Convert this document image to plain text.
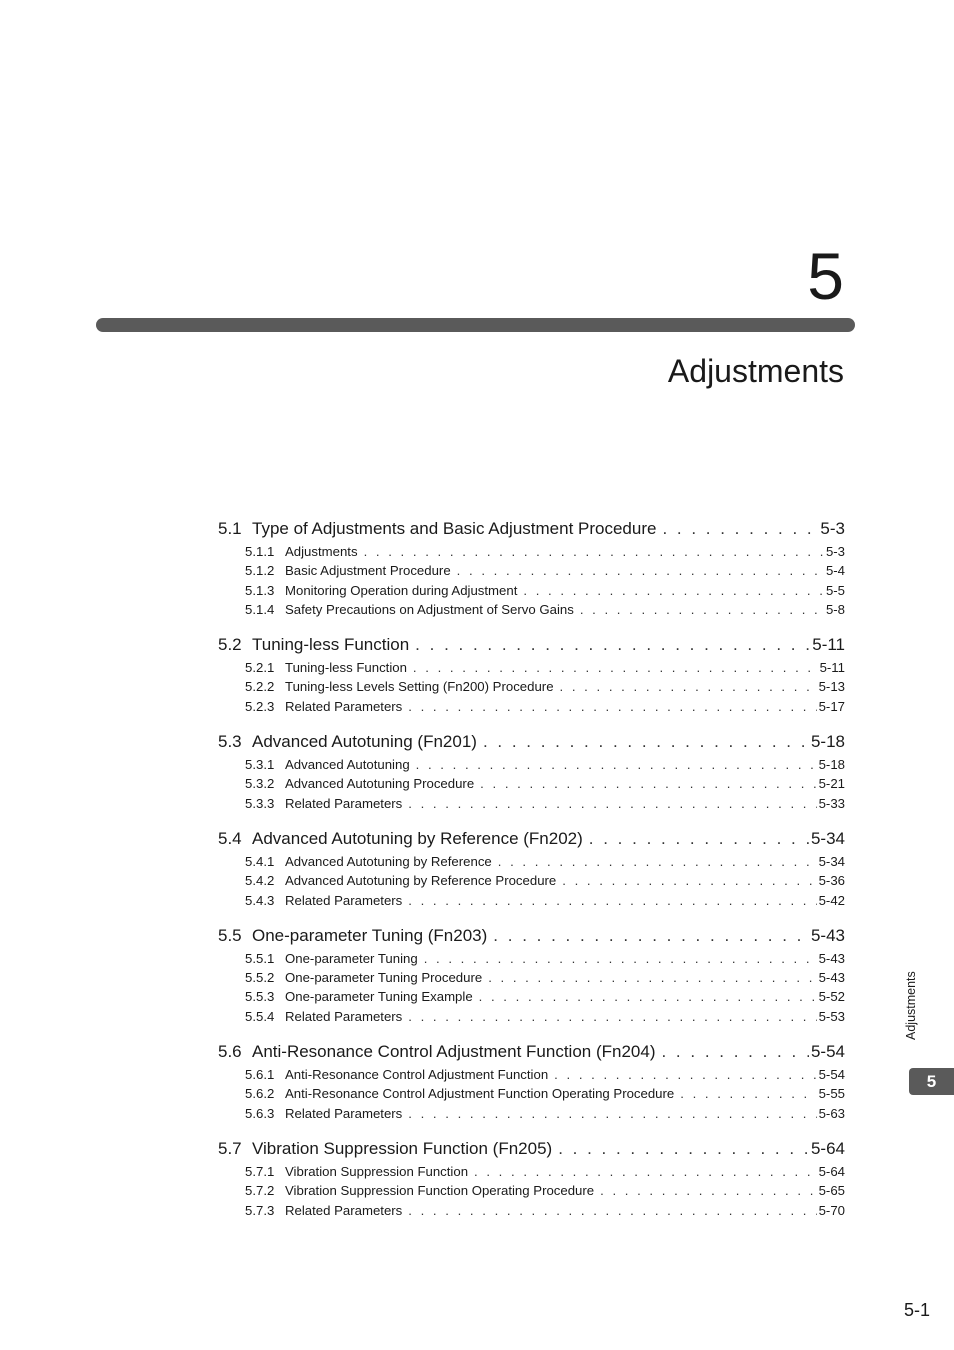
5
Adjustments
5.1 Type of Adjustments and Basic Adjustment Procedure . . .	5-3
5.1.1 Adjustments . . .	5-3
5.1.2 Basic Adjustment Procedure . . .	5-4
5.1.3 Monitoring Operation during Adjustment . . .	5-5
5.1.4 Safety Precautions on Adjustment of Servo Gains . . .	5-8
5.2 Tuning-less Function . . .	5-11
5.2.1 Tuning-less Function . . .	5-11
5.2.2 Tuning-less Levels Setting (Fn200) Procedure . . .	5-13
5.2.3 Related Parameters . . .	5-17
5.3 Advanced Autotuning (Fn201) . . .	5-18
5.3.1 Advanced Autotuning . . .	5-18
5.3.2 Advanced Autotuning Procedure . . .	5-21
5.3.3 Related Parameters . . .	5-33
5.4 Advanced Autotuning by Reference (Fn202) . . .	5-34
5.4.1 Advanced Autotuning by Reference . . .	5-34
5.4.2 Advanced Autotuning by Reference Procedure . . .	5-36
5.4.3 Related Parameters . . .	5-42
5.5 One-parameter Tuning (Fn203) . . .	5-43
5.5.1 One-parameter Tuning . . .	5-43
5.5.2 One-parameter Tuning Procedure . . .	5-43
5.5.3 One-parameter Tuning Example . . .	5-52
5.5.4 Related Parameters . . .	5-53
5.6 Anti-Resonance Control Adjustment Function (Fn204) . . .	5-54
5.6.1 Anti-Resonance Control Adjustment Function . . .	5-54
5.6.2 Anti-Resonance Control Adjustment Function Operating Procedure . . .	5-55
5.6.3 Related Parameters . . .	5-63
5.7 Vibration Suppression Function (Fn205) . . .	5-64
5.7.1 Vibration Suppression Function . . .	5-64
5.7.2 Vibration Suppression Function Operating Procedure . . .	5-65
5.7.3 Related Parameters . . .	5-70
Adjustments
5
5-1
